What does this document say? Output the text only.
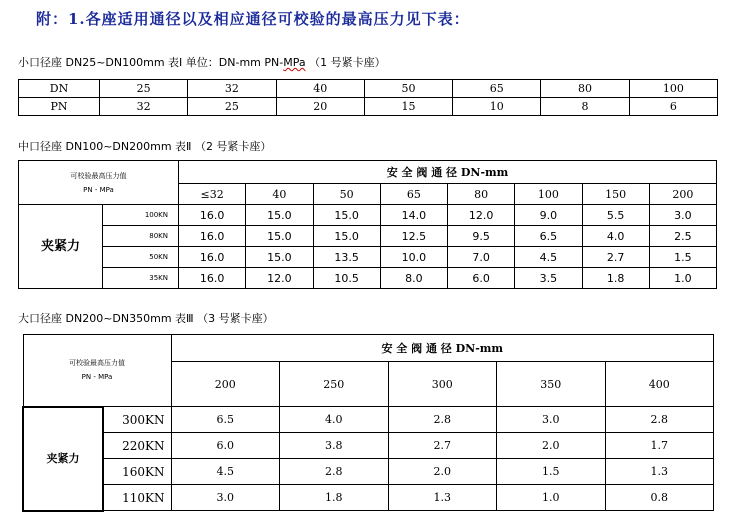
附：1.各座适用通径以及相应通径可校验的最高压力见下表：
小口径座 DN25~DN100mm 表Ⅰ 单位：DN-mm PN-MPa （1 号紧卡座）
DN	25	32	40	50	65	80	100
PN	32	25	20	15	10	8	6
中口径座 DN100~DN200mm 表Ⅱ （2 号紧卡座）
可校验最高压力值
PN - MPa		安 全 阀 通 径 DN-mm							
		≤32	40	50	65	80	100	150	200
夹紧力	100KN	16.0	15.0	15.0	14.0	12.0	9.0	5.5	3.0
	80KN	16.0	15.0	15.0	12.5	9.5	6.5	4.0	2.5
	50KN	16.0	15.0	13.5	10.0	7.0	4.5	2.7	1.5
	35KN	16.0	12.0	10.5	8.0	6.0	3.5	1.8	1.0
大口径座 DN200~DN350mm 表Ⅲ （3 号紧卡座）
可校验最高压力值
PN - MPa		安 全 阀 通 径 DN-mm				
		200	250	300	350	400
夹紧力	300KN	6.5	4.0	2.8	3.0	2.8
	220KN	6.0	3.8	2.7	2.0	1.7
	160KN	4.5	2.8	2.0	1.5	1.3
	110KN	3.0	1.8	1.3	1.0	0.8
